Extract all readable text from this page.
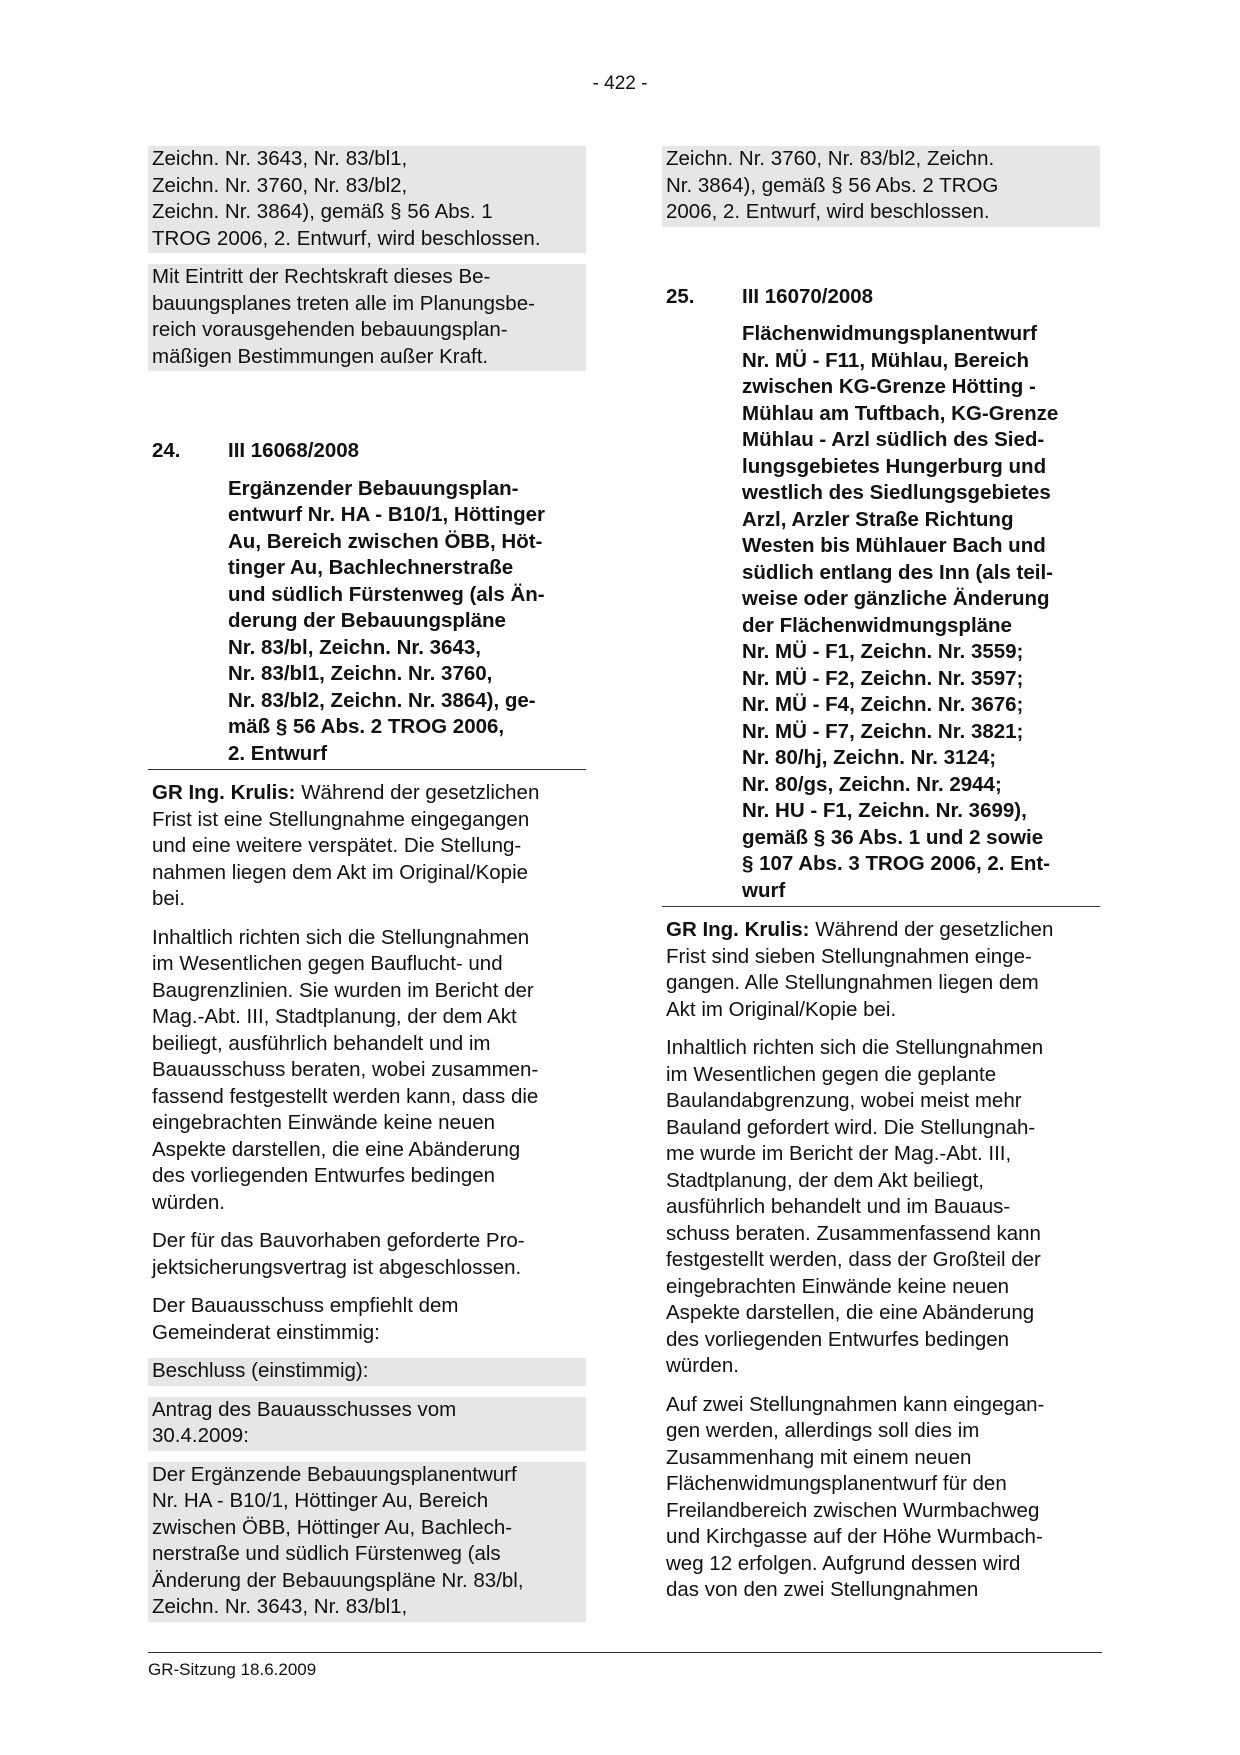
- 422 -
Zeichn. Nr. 3643, Nr. 83/bl1,
Zeichn. Nr. 3760, Nr. 83/bl2,
Zeichn. Nr. 3864), gemäß § 56 Abs. 1
TROG 2006, 2. Entwurf, wird beschlossen.
Mit Eintritt der Rechtskraft dieses Be-
bauungsplanes treten alle im Planungsbe-
reich vorausgehenden bebauungsplan-
mäßigen Bestimmungen außer Kraft.
24.	III 16068/2008
Ergänzender Bebauungsplan-
entwurf Nr. HA - B10/1, Höttinger
Au, Bereich zwischen ÖBB, Höt-
tinger Au, Bachlechnerstraße
und südlich Fürstenweg (als Än-
derung der Bebauungspläne
Nr. 83/bl, Zeichn. Nr. 3643,
Nr. 83/bl1, Zeichn. Nr. 3760,
Nr. 83/bl2, Zeichn. Nr. 3864), ge-
mäß § 56 Abs. 2 TROG 2006,
2. Entwurf
GR Ing. Krulis: Während der gesetzlichen
Frist ist eine Stellungnahme eingegangen
und eine weitere verspätet. Die Stellung-
nahmen liegen dem Akt im Original/Kopie
bei.
Inhaltlich richten sich die Stellungnahmen
im Wesentlichen gegen Bauflucht- und
Baugrenzlinien. Sie wurden im Bericht der
Mag.-Abt. III, Stadtplanung, der dem Akt
beiliegt, ausführlich behandelt und im
Bauausschuss beraten, wobei zusammen-
fassend festgestellt werden kann, dass die
eingebrachten Einwände keine neuen
Aspekte darstellen, die eine Abänderung
des vorliegenden Entwurfes bedingen
würden.
Der für das Bauvorhaben geforderte Pro-
jektsicherungsvertrag ist abgeschlossen.
Der Bauausschuss empfiehlt dem
Gemeinderat einstimmig:
Beschluss (einstimmig):
Antrag des Bauausschusses vom
30.4.2009:
Der Ergänzende Bebauungsplanentwurf
Nr. HA - B10/1, Höttinger Au, Bereich
zwischen ÖBB, Höttinger Au, Bachlech-
nerstraße und südlich Fürstenweg (als
Änderung der Bebauungspläne Nr. 83/bl,
Zeichn. Nr. 3643, Nr. 83/bl1,
Zeichn. Nr. 3760, Nr. 83/bl2, Zeichn.
Nr. 3864), gemäß § 56 Abs. 2 TROG
2006, 2. Entwurf, wird beschlossen.
25.	III 16070/2008
Flächenwidmungsplanentwurf
Nr. MÜ - F11, Mühlau, Bereich
zwischen KG-Grenze Hötting -
Mühlau am Tuftbach, KG-Grenze
Mühlau - Arzl südlich des Sied-
lungsgebietes Hungerburg und
westlich des Siedlungsgebietes
Arzl, Arzler Straße Richtung
Westen bis Mühlauer Bach und
südlich entlang des Inn (als teil-
weise oder gänzliche Änderung
der Flächenwidmungspläne
Nr. MÜ - F1, Zeichn. Nr. 3559;
Nr. MÜ - F2, Zeichn. Nr. 3597;
Nr. MÜ - F4, Zeichn. Nr. 3676;
Nr. MÜ - F7, Zeichn. Nr. 3821;
Nr. 80/hj, Zeichn. Nr. 3124;
Nr. 80/gs, Zeichn. Nr. 2944;
Nr. HU - F1, Zeichn. Nr. 3699),
gemäß § 36 Abs. 1 und 2 sowie
§ 107 Abs. 3 TROG 2006, 2. Ent-
wurf
GR Ing. Krulis: Während der gesetzlichen
Frist sind sieben Stellungnahmen einge-
gangen. Alle Stellungnahmen liegen dem
Akt im Original/Kopie bei.
Inhaltlich richten sich die Stellungnahmen
im Wesentlichen gegen die geplante
Baulandabgrenzung, wobei meist mehr
Bauland gefordert wird. Die Stellungnah-
me wurde im Bericht der Mag.-Abt. III,
Stadtplanung, der dem Akt beiliegt,
ausführlich behandelt und im Bauaus-
schuss beraten. Zusammenfassend kann
festgestellt werden, dass der Großteil der
eingebrachten Einwände keine neuen
Aspekte darstellen, die eine Abänderung
des vorliegenden Entwurfes bedingen
würden.
Auf zwei Stellungnahmen kann eingegan-
gen werden, allerdings soll dies im
Zusammenhang mit einem neuen
Flächenwidmungsplanentwurf für den
Freilandbereich zwischen Wurmbachweg
und Kirchgasse auf der Höhe Wurmbach-
weg 12 erfolgen. Aufgrund dessen wird
das von den zwei Stellungnahmen
GR-Sitzung 18.6.2009
